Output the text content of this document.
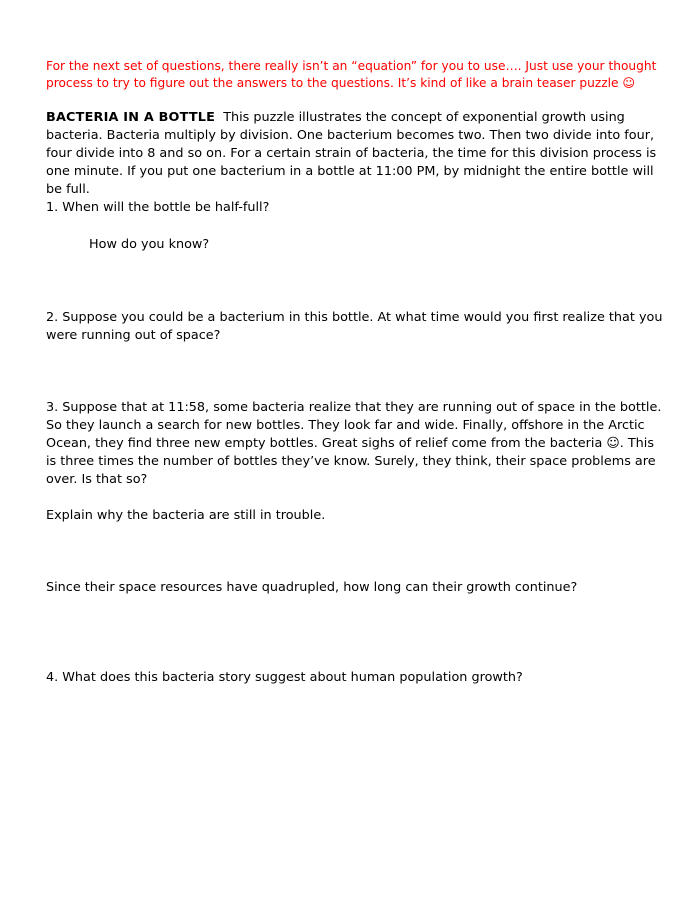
For the next set of questions, there really isn’t an “equation” for you to use…. Just use your thought process to try to figure out the answers to the questions. It’s kind of like a brain teaser puzzle ☺

BACTERIA IN A BOTTLE This puzzle illustrates the concept of exponential growth using bacteria. Bacteria multiply by division. One bacterium becomes two. Then two divide into four, four divide into 8 and so on. For a certain strain of bacteria, the time for this division process is one minute. If you put one bacterium in a bottle at 11:00 PM, by midnight the entire bottle will be full.

1. When will the bottle be half-full?

How do you know?

2. Suppose you could be a bacterium in this bottle. At what time would you first realize that you were running out of space?

3. Suppose that at 11:58, some bacteria realize that they are running out of space in the bottle. So they launch a search for new bottles. They look far and wide. Finally, offshore in the Arctic Ocean, they find three new empty bottles. Great sighs of relief come from the bacteria ☺. This is three times the number of bottles they’ve know. Surely, they think, their space problems are over. Is that so?

Explain why the bacteria are still in trouble.

Since their space resources have quadrupled, how long can their growth continue?

4. What does this bacteria story suggest about human population growth?
